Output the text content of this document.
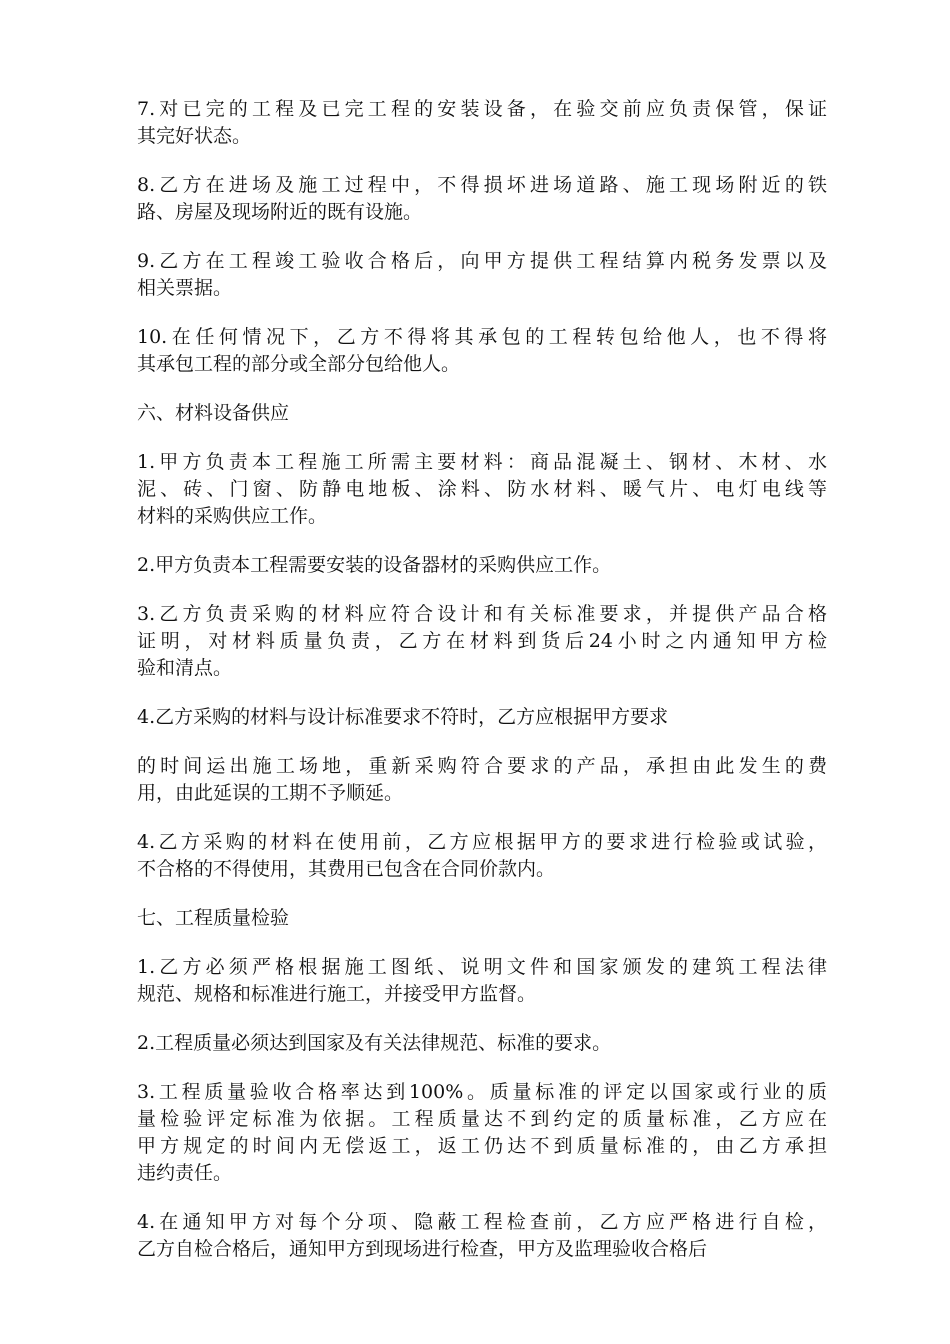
7.对已完的工程及已完工程的安装设备，在验交前应负责保管，保证
其完好状态。
8.乙方在进场及施工过程中，不得损坏进场道路、施工现场附近的铁
路、房屋及现场附近的既有设施。
9.乙方在工程竣工验收合格后，向甲方提供工程结算内税务发票以及
相关票据。
10.在任何情况下，乙方不得将其承包的工程转包给他人，也不得将
其承包工程的部分或全部分包给他人。
六、材料设备供应
1.甲方负责本工程施工所需主要材料：商品混凝土、钢材、木材、水
泥、砖、门窗、防静电地板、涂料、防水材料、暖气片、电灯电线等
材料的采购供应工作。
2.甲方负责本工程需要安装的设备器材的采购供应工作。
3.乙方负责采购的材料应符合设计和有关标准要求，并提供产品合格
证明，对材料质量负责，乙方在材料到货后24小时之内通知甲方检
验和清点。
4.乙方采购的材料与设计标准要求不符时，乙方应根据甲方要求
的时间运出施工场地，重新采购符合要求的产品，承担由此发生的费
用，由此延误的工期不予顺延。
4.乙方采购的材料在使用前，乙方应根据甲方的要求进行检验或试验，
不合格的不得使用，其费用已包含在合同价款内。
七、工程质量检验
1.乙方必须严格根据施工图纸、说明文件和国家颁发的建筑工程法律
规范、规格和标准进行施工，并接受甲方监督。
2.工程质量必须达到国家及有关法律规范、标准的要求。
3.工程质量验收合格率达到100%。质量标准的评定以国家或行业的质
量检验评定标准为依据。工程质量达不到约定的质量标准，乙方应在
甲方规定的时间内无偿返工，返工仍达不到质量标准的，由乙方承担
违约责任。
4.在通知甲方对每个分项、隐蔽工程检查前，乙方应严格进行自检，
乙方自检合格后，通知甲方到现场进行检查，甲方及监理验收合格后
